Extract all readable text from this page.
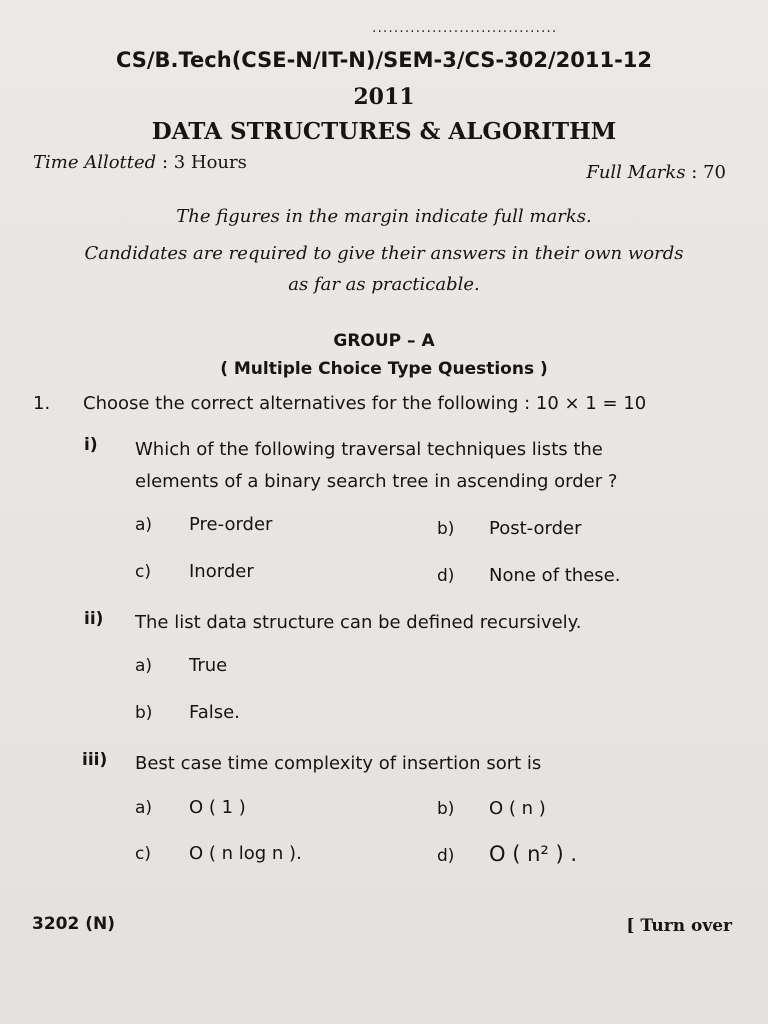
..................................
CS/B.Tech(CSE-N/IT-N)/SEM-3/CS-302/2011-12
2011
DATA STRUCTURES & ALGORITHM
Time Allotted : 3 Hours	Full Marks : 70
The figures in the margin indicate full marks.
Candidates are required to give their answers in their own words
as far as practicable.
GROUP – A
( Multiple Choice Type Questions )
1. Choose the correct alternatives for the following : 10 × 1 = 10
i) Which of the following traversal techniques lists the
elements of a binary search tree in ascending order ?
a) Pre-order	b) Post-order
c) Inorder	d) None of these.
ii) The list data structure can be defined recursively.
a) True
b) False.
iii) Best case time complexity of insertion sort is
a) O ( 1 )	b) O ( n )
c) O ( n log n ).	d) O ( n² ) .
3202 (N)	[ Turn over
